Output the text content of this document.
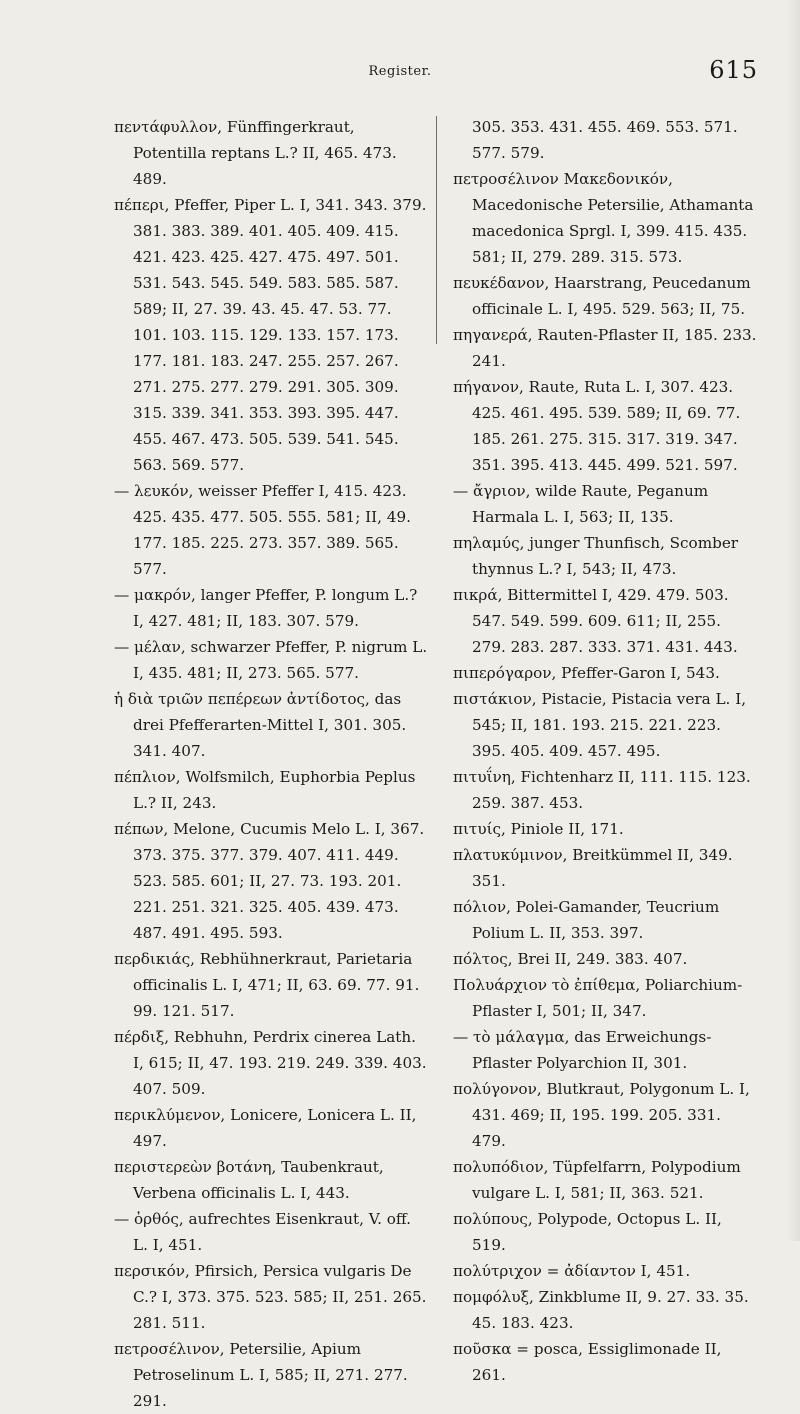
Register.	615

πεντάφυλλον, Fünffingerkraut, Potentilla reptans L.? II, 465. 473. 489.

πέπερι, Pfeffer, Piper L. I, 341. 343. 379. 381. 383. 389. 401. 405. 409. 415. 421. 423. 425. 427. 475. 497. 501. 531. 543. 545. 549. 583. 585. 587. 589; II, 27. 39. 43. 45. 47. 53. 77. 101. 103. 115. 129. 133. 157. 173. 177. 181. 183. 247. 255. 257. 267. 271. 275. 277. 279. 291. 305. 309. 315. 339. 341. 353. 393. 395. 447. 455. 467. 473. 505. 539. 541. 545. 563. 569. 577.

— λευκόν, weisser Pfeffer I, 415. 423. 425. 435. 477. 505. 555. 581; II, 49. 177. 185. 225. 273. 357. 389. 565. 577.

— μακρόν, langer Pfeffer, P. longum L.? I, 427. 481; II, 183. 307. 579.

— μέλαν, schwarzer Pfeffer, P. nigrum L. I, 435. 481; II, 273. 565. 577.

ἡ διὰ τριῶν πεπέρεων ἀντίδοτος, das drei Pfefferarten-Mittel I, 301. 305. 341. 407.

πέπλιον, Wolfsmilch, Euphorbia Peplus L.? II, 243.

πέπων, Melone, Cucumis Melo L. I, 367. 373. 375. 377. 379. 407. 411. 449. 523. 585. 601; II, 27. 73. 193. 201. 221. 251. 321. 325. 405. 439. 473. 487. 491. 495. 593.

περδικιάς, Rebhühnerkraut, Parietaria officinalis L. I, 471; II, 63. 69. 77. 91. 99. 121. 517.

πέρδιξ, Rebhuhn, Perdrix cinerea Lath. I, 615; II, 47. 193. 219. 249. 339. 403. 407. 509.

περικλύμενον, Lonicere, Lonicera L. II, 497.

περιστερεὼν βοτάνη, Taubenkraut, Verbena officinalis L. I, 443.

— ὀρθός, aufrechtes Eisenkraut, V. off. L. I, 451.

περσικόν, Pfirsich, Persica vulgaris De C.? I, 373. 375. 523. 585; II, 251. 265. 281. 511.

πετροσέλινον, Petersilie, Apium Petroselinum L. I, 585; II, 271. 277. 291.

305. 353. 431. 455. 469. 553. 571. 577. 579.

πετροσέλινον Μακεδονικόν, Macedonische Petersilie, Athamanta macedonica Sprgl. I, 399. 415. 435. 581; II, 279. 289. 315. 573.

πευκέδανον, Haarstrang, Peucedanum officinale L. I, 495. 529. 563; II, 75.

πηγανερά, Rauten-Pflaster II, 185. 233. 241.

πήγανον, Raute, Ruta L. I, 307. 423. 425. 461. 495. 539. 589; II, 69. 77. 185. 261. 275. 315. 317. 319. 347. 351. 395. 413. 445. 499. 521. 597.

— ἄγριον, wilde Raute, Peganum Harmala L. I, 563; II, 135.

πηλαμύς, junger Thunfisch, Scomber thynnus L.? I, 543; II, 473.

πικρά, Bittermittel I, 429. 479. 503. 547. 549. 599. 609. 611; II, 255. 279. 283. 287. 333. 371. 431. 443.

πιπερόγαρον, Pfeffer-Garon I, 543.

πιστάκιον, Pistacie, Pistacia vera L. I, 545; II, 181. 193. 215. 221. 223. 395. 405. 409. 457. 495.

πιτυΐνη, Fichtenharz II, 111. 115. 123. 259. 387. 453.

πιτυίς, Piniole II, 171.

πλατυκύμινον, Breitkümmel II, 349. 351.

πόλιον, Polei-Gamander, Teucrium Polium L. II, 353. 397.

πόλτος, Brei II, 249. 383. 407.

Πολυάρχιον τὸ ἐπίθεμα, Poliarchium-Pflaster I, 501; II, 347.

— τὸ μάλαγμα, das Erweichungs-Pflaster Polyarchion II, 301.

πολύγονον, Blutkraut, Polygonum L. I, 431. 469; II, 195. 199. 205. 331. 479.

πολυπόδιον, Tüpfelfarrn, Polypodium vulgare L. I, 581; II, 363. 521.

πολύπους, Polypode, Octopus L. II, 519.

πολύτριχον = ἀδίαντον I, 451.

πομφόλυξ, Zinkblume II, 9. 27. 33. 35. 45. 183. 423.

ποῦσκα = posca, Essiglimonade II, 261.
